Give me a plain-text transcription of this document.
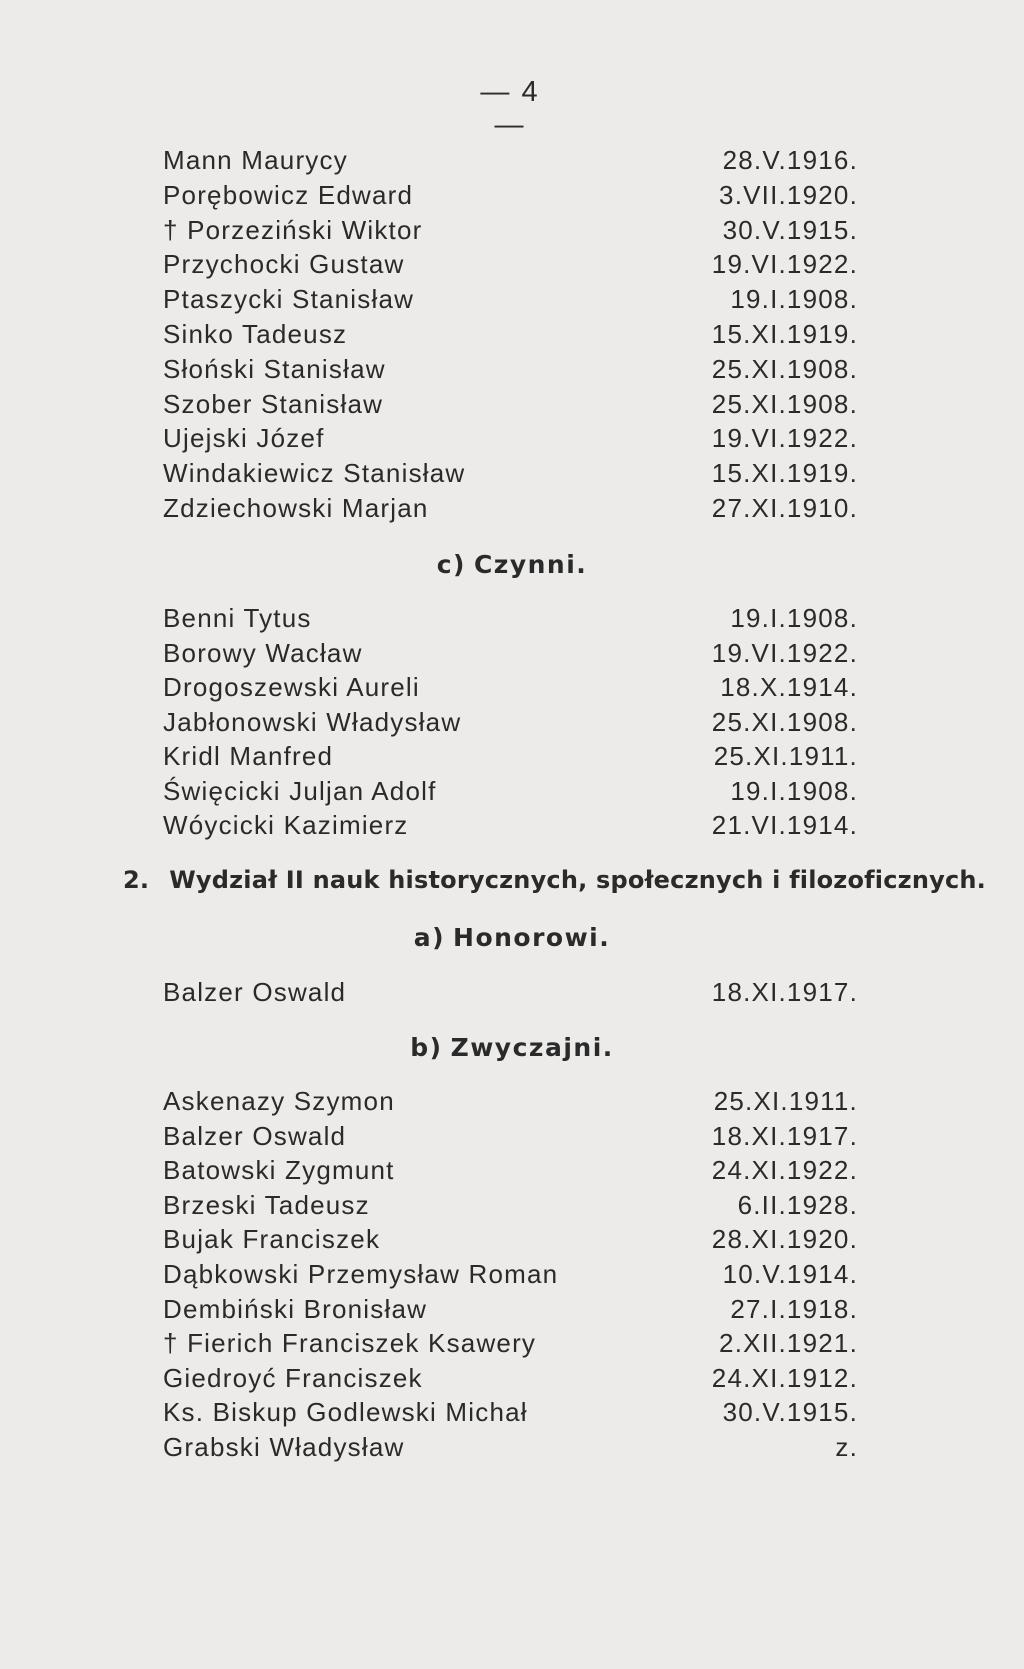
— 4 —
Mann Maurycy	28.V.1916.
Porębowicz Edward	3.VII.1920.
† Porzeziński Wiktor	30.V.1915.
Przychocki Gustaw	19.VI.1922.
Ptaszycki Stanisław	19.I.1908.
Sinko Tadeusz	15.XI.1919.
Słoński Stanisław	25.XI.1908.
Szober Stanisław	25.XI.1908.
Ujejski Józef	19.VI.1922.
Windakiewicz Stanisław	15.XI.1919.
Zdziechowski Marjan	27.XI.1910.
c) Czynni.
Benni Tytus	19.I.1908.
Borowy Wacław	19.VI.1922.
Drogoszewski Aureli	18.X.1914.
Jabłonowski Władysław	25.XI.1908.
Kridl Manfred	25.XI.1911.
Święcicki Juljan Adolf	19.I.1908.
Wóycicki Kazimierz	21.VI.1914.
2. Wydział II nauk historycznych, społecznych i filozoficznych.
a) Honorowi.
Balzer Oswald	18.XI.1917.
b) Zwyczajni.
Askenazy Szymon	25.XI.1911.
Balzer Oswald	18.XI.1917.
Batowski Zygmunt	24.XI.1922.
Brzeski Tadeusz	6.II.1928.
Bujak Franciszek	28.XI.1920.
Dąbkowski Przemysław Roman	10.V.1914.
Dembiński Bronisław	27.I.1918.
† Fierich Franciszek Ksawery	2.XII.1921.
Giedroyć Franciszek	24.XI.1912.
Ks. Biskup Godlewski Michał	30.V.1915.
Grabski Władysław	z.
